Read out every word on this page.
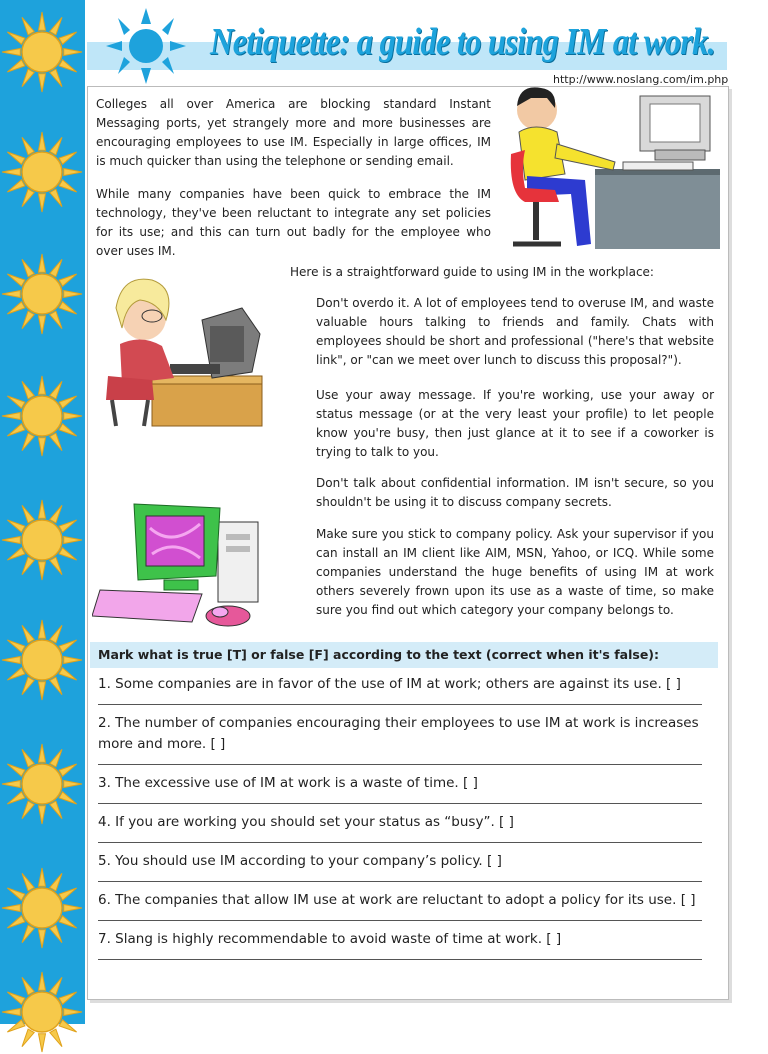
Netiquette: a guide to using IM at work.
http://www.noslang.com/im.php
Colleges all over America are blocking standard Instant Messaging ports, yet strangely more and more businesses are encouraging employees to use IM. Especially in large offices, IM is much quicker than using the telephone or sending email.
While many companies have been quick to embrace the IM technology, they've been reluctant to integrate any set policies for its use; and this can turn out badly for the employee who over uses IM.
Here is a straightforward guide to using IM in the workplace:
Don't overdo it. A lot of employees tend to overuse IM, and waste valuable hours talking to friends and family. Chats with employees should be short and professional ("here's that website link", or "can we meet over lunch to discuss this proposal?").
Use your away message. If you're working, use your away or status message (or at the very least your profile) to let people know you're busy, then just glance at it to see if a coworker is trying to talk to you.
Don't talk about confidential information. IM isn't secure, so you shouldn't be using it to discuss company secrets.
Make sure you stick to company policy. Ask your supervisor if you can install an IM client like AIM, MSN, Yahoo, or ICQ. While some companies understand the huge benefits of using IM at work others severely frown upon its use as a waste of time, so make sure you find out which category your company belongs to.
Mark what is true [T] or false [F] according to the text (correct when it's false):
1. Some companies are in favor of the use of IM at work; others are against its use. [ ]
2. The number of companies encouraging their employees to use IM at work is increases more and more. [ ]
3. The excessive use of IM at work is a waste of time. [ ]
4. If you are working you should set your status as “busy”. [ ]
5. You should use IM according to your company’s policy. [ ]
6. The companies that allow IM use at work are reluctant to adopt a policy for its use. [ ]
7. Slang is highly recommendable to avoid waste of time at work. [ ]
